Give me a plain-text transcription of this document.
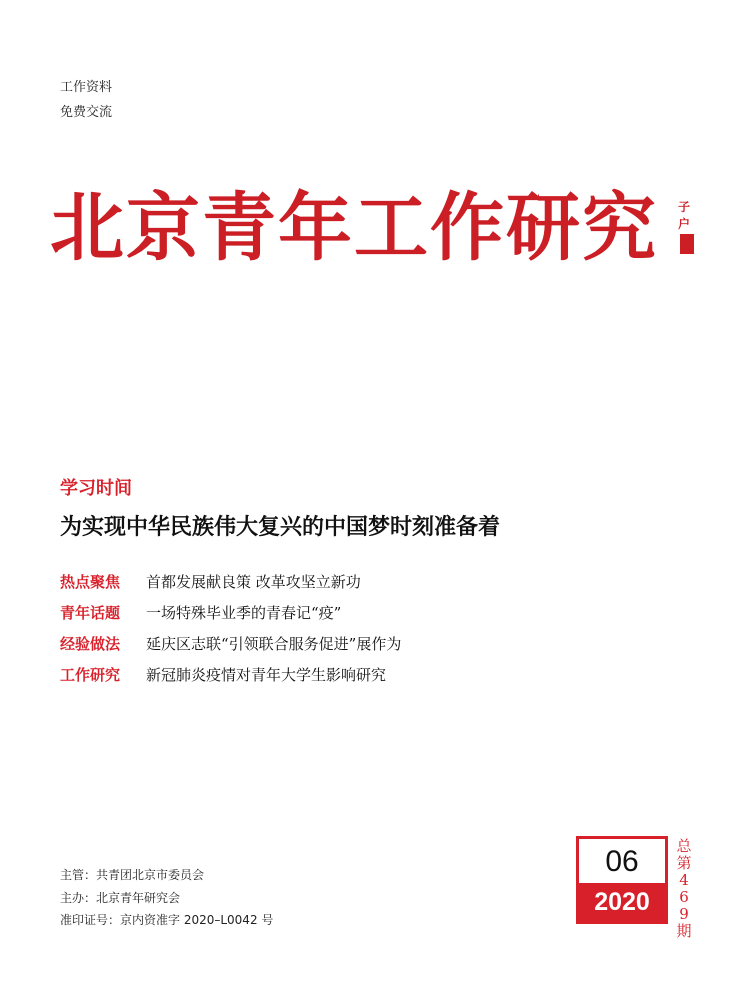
工作资料
免费交流
北京青年工作研究 子户
学习时间
为实现中华民族伟大复兴的中国梦时刻准备着
热点聚焦	首都发展献良策 改革攻坚立新功
青年话题	一场特殊毕业季的青春记“疫”
经验做法	延庆区志联“引领联合服务促进”展作为
工作研究	新冠肺炎疫情对青年大学生影响研究
主管：共青团北京市委员会
主办：北京青年研究会
准印证号：京内资准字 2020–L0042 号
06
2020
总第469期
